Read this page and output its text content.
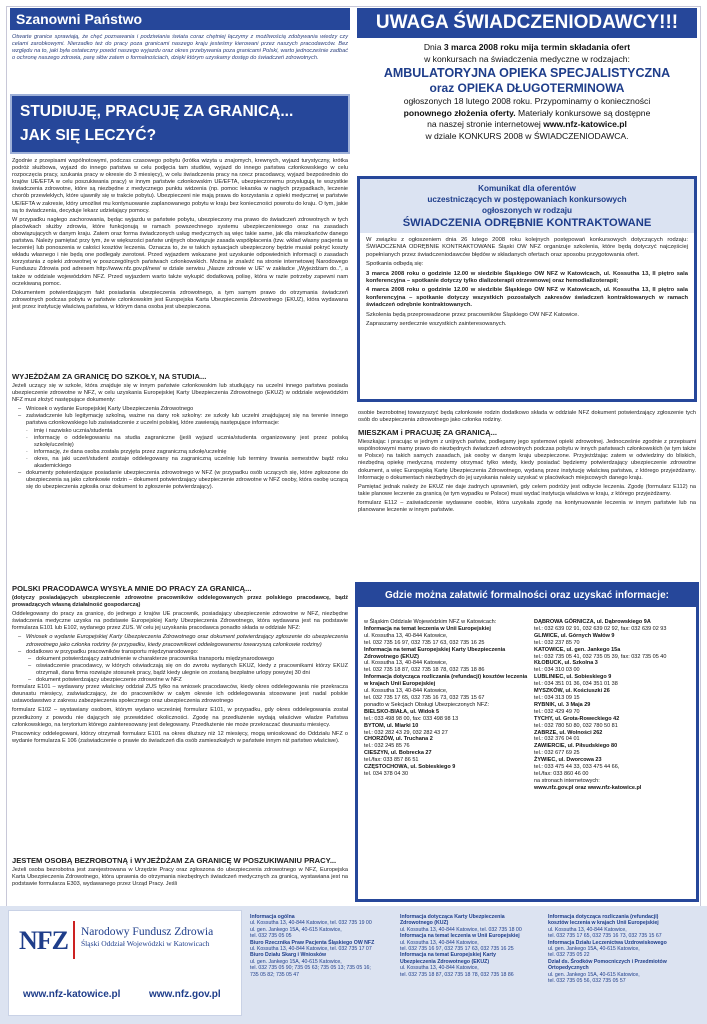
Szanowni Państwo
Otwarte granice sprawiają, że chęć poznawania i podziwiania świata coraz chętniej łączymy z możliwością zdobywania wiedzy czy celami zarobkowymi. Nierzadko też do pracy poza granicami naszego kraju jesteśmy kierowani przez naszych pracodawców. Bez względu na to, jaki była ostateczny powód naszego wyjazdu oraz okres przebywania poza granicami Polski, warto jednocześnie zadbać o ochronę naszego zdrowia, parę słów zatem o formalnościach, dzięki którym uzyskamy dostęp do świadczeń zdrowotnych.
STUDIUJĘ, PRACUJĘ ZA GRANICĄ...
JAK SIĘ LECZYĆ?

Zgodnie z przepisami wspólnotowymi, podczas czasowego pobytu (krótka wizyta u znajomych, krewnych, wyjazd turystyczny, krótka podróż służbowa, wyjazd do innego państwa w celu podjęcia tam studiów, wyjazd do innego państwa członkowskiego w celu rozpoczęcia pracy, szukania pracy w okresie do 3 miesięcy), w celu świadczenia pracy na rzecz pracodawcy, wyjazd bezpośrednio do krajów UE/EFTA w celu poszukiwania pracy) w innym państwie członkowskim UE/EFTA, ubezpieczonemu przysługują te wszystkie świadczenia zdrowotne, które są niezbędne z medycznego punktu widzenia (np. pomoc lekarska w nagłych przypadkach, leczenie chorób przewlekłych, które ujawniły się w trakcie pobytu). Ubezpieczeni nie mają prawa do korzystania z opieki medycznej w państwie UE/EFTA w zakresie, który umożliwi mu kontynuowanie zaplanowanego pobytu w kraju bez konieczności powrotu do kraju. O tym, jakie są to świadczenia, decyduje lekarz udzielający pomocy.

W przypadku nagłego zachorowania, będąc wyjazdu w państwie pobytu, ubezpieczony ma prawo do świadczeń zdrowotnych w tych placówkach służby zdrowia, które funkcjonują w ramach powszechnego systemu ubezpieczeniowego oraz na zasadach obowiązujących w danym kraju. Zatem oraz forma świadczonych usług medycznych są więc takie same, jak dla mieszkańców danego państwa. Należy pamiętać przy tym, że w większości państw unijnych obowiązuje zasada współpłacenia (tzw. wkład własny pacjenta w leczenie) lub ponoszenia w całości kosztów leczenia. Oznacza to, że w takich sytuacjach ubezpieczony będzie musiał pokryć koszty wkładu własnego i nie będą one podlegały zwrotowi. Przed wyjazdem wskazane jest uzyskanie odpowiednich informacji o zasadach korzystania z opieki zdrowotnej w poszczególnych państwach członkowskich. Można je znaleźć na stronie internetowej Narodowego Funduszu Zdrowia pod adresem http://www.nfz.gov.pl/new/ w dziale serwisu „Nasze zdrowie w UE” w zakładce „Wyjeżdżam do..”, a także w oddziale wojewódzkim NFZ. Przed wyjazdem warto także wykupić dodatkową polisę, która w razie potrzeby zapewni nam oczekiwaną pomoc.

Dokumentem potwierdzającym fakt posiadania ubezpieczenia zdrowotnego, a tym samym prawo do otrzymania świadczeń zdrowotnych podczas pobytu w państwie członkowskim jest Europejska Karta Ubezpieczenia Zdrowotnego (EKUZ), która wydawana jest przez instytucję właściwą państwa, w którym dana osoba jest ubezpieczona.

WYJEŻDŻAM ZA GRANICĘ DO SZKOŁY, NA STUDIA...

Jeżeli uczący się w szkole, która znajduje się w innym państwie członkowskim lub studiujący na uczelni innego państwa posiada ubezpieczenie zdrowotne w NFZ, w celu uzyskania Europejskiej Karty Ubezpieczenia Zdrowotnego (EKUZ) w oddziale wojewódzkim NFZ musi złożyć następujące dokumenty:

– Wniosek o wydanie Europejskiej Karty Ubezpieczenia Zdrowotnego
– zaświadczenie lub legitymację szkolną, ważne na dany rok szkolny: ze szkoły lub uczelni znajdującej się na terenie innego państwa członkowskiego lub zaświadczenie z uczelni polskiej, które zawierają następujące informacje:
· imię i nazwisko ucznia/studenta
· informację o oddelegowaniu na studia zagraniczne (jeśli wyjazd ucznia/studenta organizowany jest przez polską szkołę/uczelnię)
· informację, że dana osoba została przyjęta przez zagraniczną szkołę/uczelnię
· okres, na jaki uczeń/student zostaje oddelegowany na zagraniczną uczelnię lub terminy trwania semestrów bądź roku akademickiego
– dokumenty potwierdzające posiadanie ubezpieczenia zdrowotnego w NFZ (w przypadku osób uczących się, które zgłoszone do ubezpieczenia są jako członkowie rodzin – dokument potwierdzający ubezpieczenie zdrowotne w NFZ osoby, która osobę uczącą się do ubezpieczenia zgłosiła oraz dokument to zgłoszenie potwierdzający).
POLSKI PRACODAWCA WYSYŁA MNIE DO PRACY ZA GRANICĄ...

(dotyczy posiadających ubezpieczenie zdrowotne pracowników oddelegowanych przez polskiego pracodawcę, bądź prowadzących własną działalność gospodarczą)

Oddelegowany do pracy za granicę, do jednego z krajów UE pracownik, posiadający ubezpieczenie zdrowotne w NFZ, niezbędne świadczenia medyczne uzyska na podstawie Europejskiej Karty Ubezpieczenia Zdrowotnego, która wydawana jest na podstawie formularza E101 lub E102, wydanego przez ZUS. W celu jej uzyskania pracodawca ponadto składa w oddziale NFZ:

– Wniosek o wydanie Europejskiej Karty Ubezpieczenia Zdrowotnego oraz dokument potwierdzający zgłoszenie do ubezpieczenia zdrowotnego jako członka rodziny (w przypadku, kiedy pracownikowi oddelegowanemu towarzyszą członkowie rodziny)
– dodatkowo w przypadku pracowników transportu międzynarodowego:
– dokument potwierdzający zatrudnienie w charakterze pracownika transportu międzynarodowego
– oświadczenie pracodawcy, w których oświadczają się on do zwrotu wydanych EKUZ, kiedy z pracownikami którzy EKUZ otrzymali, dana firma rozwiąże stosunek pracy, bądź kiedy ulegnie on zostaną bezpłatne urlopy powyżej 30 dni
– dokument potwierdzający ubezpieczenie zdrowotne w NFZ

formularz E101 – wydawany przez właściwy oddział ZUS tylko na wniosek pracodawców, kiedy okres oddelegowania nie przekracza dwunastu miesięcy, zaświadczający, że do pracowników w całym okresie ich oddelegowania stosowane jest nadal polskie ustawodawstwo z zakresu zabezpieczenia społecznego oraz ubezpieczenia zdrowotnego

formularz E102 – wystawiany osobom, którym wydano wcześniej formularz E101, w przypadku, gdy okres oddelegowania został przedłużony z powodu nie dających się przewidzieć okoliczności. Zgodę na przedłużenie wydają właściwe władze Państwa członkowskiego, na terytorium którego zainteresowany jest delegowany. Przedłużenie nie może przekraczać dwunastu miesięcy.

Pracownicy oddelegowani, którzy otrzymali formularz E101 na okres dłuższy niż 12 miesięcy, mogą wnioskować do Oddziału NFZ o wydanie formularza E 106 (zaświadczenie o prawie do świadczeń dla osób zamieszkałych w państwie innym niż państwo właściwe).

JESTEM OSOBĄ BEZROBOTNĄ i WYJEŻDŻAM ZA GRANICĘ W POSZUKIWANIU PRACY...

Jeżeli osoba bezrobotna jest zarejestrowana w Urzędzie Pracy oraz zgłoszona do ubezpieczenia zdrowotnego w NFZ, Europejska Karta Ubezpieczenia Zdrowotnego, która uprawnia do otrzymania niezbędnych świadczeń medycznych za granicą, wystawiana jest na podstawie formularza E303, wydawanego przez Urząd Pracy. Jeśli

UWAGA ŚWIADCZENIODAWCY!!!
Dnia 3 marca 2008 roku mija termin składania ofert
w konkursach na świadczenia medyczne w rodzajach:
AMBULATORYJNA OPIEKA SPECJALISTYCZNA
oraz OPIEKA DŁUGOTERMINOWA
ogłoszonych 18 lutego 2008 roku. Przypominamy o konieczności
ponownego złożenia oferty. Materiały konkursowe są dostępne
na naszej stronie internetowej www.nfz-katowice.pl
w dziale KONKURS 2008 w ŚWIADCZENIODAWCA.
Komunikat dla oferentów
uczestniczących w postępowaniach konkursowych
ogłoszonych w rodzaju
ŚWIADCZENIA ODRĘBNIE KONTRAKTOWANE

W związku z ogłoszeniem dnia 26 lutego 2008 roku kolejnych postępowań konkursowych dotyczących rodzaju: ŚWIADCZENIA ODRĘBNIE KONTRAKTOWANE Śląski OW NFZ organizuje szkolenia, które będą dotyczyć najczęściej popełnianych przez świadczeniodawców błędów w składanych ofertach oraz sposobu przygotowania ofert.

Spotkania odbędą się:

3 marca 2008 roku o godzinie 12.00 w siedzibie Śląskiego OW NFZ w Katowicach, ul. Kossutha 13, II piętro sala konferencyjna – spotkanie dotyczy tylko dializoterapii otrzewnowej oraz hemodializoterapii;

4 marca 2008 roku o godzinie 12.00 w siedzibie Śląskiego OW NFZ w Katowicach, ul. Kossutha 13, II piętro sala konferencyjna – spotkanie dotyczy wszystkich pozostałych zakresów świadczeń kontraktowanych w ramach świadczeń odrębnie kontraktowanych.

Szkolenia będą przeprowadzone przez pracowników Śląskiego OW NFZ Katowice.

Zapraszamy serdecznie wszystkich zainteresowanych.

osobie bezrobotnej towarzyszyć będą członkowie rodzin dodatkowo składa w oddziale NFZ dokument potwierdzający zgłoszenie tych osób do ubezpieczenia zdrowotnego jako członka rodziny.

MIESZKAM i PRACUJĘ ZA GRANICĄ...

Mieszkając i pracując w jednym z unijnych państw, podlegamy jego systemowi opieki zdrowotnej. Jednocześnie zgodnie z przepisami wspólnotowymi mamy prawo do niezbędnych świadczeń zdrowotnych podczas pobytu w innych państwach członkowskich (w tym także w Polsce) na takich samych zasadach, jak osoby w danym kraju ubezpieczone. Przyjeżdżając zatem w odwiedziny do bliskich, niezbędną opiekę medyczną możemy otrzymać tylko wtedy, kiedy posiadać będziemy potwierdzający ubezpieczenie zdrowotne dokument, a więc Europejską Kartę Ubezpieczenia Zdrowotnego, wydaną przez instytucję właściwą państwa, z którego przyjeżdżamy. Informację o dokumentach niezbędnych do jej uzyskania należy uzyskać w placówkach miejscowych danego kraju.

Pamiętać jednak należy że EKUZ nie daje żadnych uprawnień, gdy celem podróży jest odbycie leczenia. Zgodę (formularz E112) na takie planowe leczenie za granicą (w tym wypadku w Polsce) musi wydać instytucja właściwa w kraju, z którego przyjeżdżamy.

formularz E112 – zaświadczenie wydawane osobie, która uzyskała zgodę na kontynuowanie leczenia w innym państwie lub na planowane leczenie w innym państwie.

Gdzie można załatwić formalności oraz uzyskać informacje:
w Śląskim Oddziale Wojewódzkim NFZ w Katowicach:
Informacja na temat leczenia w Unii Europejskiej
ul. Kossutha 13, 40-844 Katowice,
tel. 032 735 16 97, 032 735 17 63, 032 735 16 25
Informacja na temat Europejskiej Karty Ubezpieczenia Zdrowotnego (EKUZ)
ul. Kossutha 13, 40-844 Katowice,
tel. 032 735 18 87, 032 735 18 78, 032 735 18 86
Informacja dotycząca rozliczania (refundacji) kosztów leczenia w krajach Unii Europejskiej
ul. Kossutha 13, 40-844 Katowice,
tel. 032 735 17 65, 032 735 16 73, 032 735 15 67
ponadto w Sekcjach Obsługi Ubezpieczonych NFZ:
BIELSKO-BIAŁA, ul. Widok 5
tel.: 033 498 98 00, fax: 033 498 98 13
BYTOM, ul. Miarki 10
tel.: 032 282 43 29, 032 282 43 27
CHORZÓW, ul. Truchana 2
tel.: 032 245 85 76
CIESZYN, ul. Bobrecka 27
tel./fax: 033 857 86 51
CZĘSTOCHOWA, ul. Sobieskiego 9
tel. 034 378 04 30
DĄBROWA GÓRNICZA, ul. Dąbrowskiego 9A
tel.: 032 639 02 91, 032 639 02 92, fax: 032 639 02 93
GLIWICE, ul. Górnych Wałów 9
tel.: 032 237 85 70
KATOWICE, ul. gen. Jankego 15a
tel.: 032 735 05 41, 032 735 05 39, fax: 032 735 05 40
KŁOBUCK, ul. Szkolna 3
tel.: 034 310 03 00
LUBLINIEC, ul. Sobieskiego 9
tel.: 034 351 01 36, 034 351 01 38
MYSZKÓW, ul. Kościuszki 26
tel.: 034 313 09 15
RYBNIK, ul. 3 Maja 29
tel.: 032 429 49 70
TYCHY, ul. Grota-Roweckiego 42
tel.: 032 780 50 80, 032 780 50 81
ZABRZE, ul. Wolności 262
tel.: 032 376 04 01
ZAWIERCIE, ul. Piłsudskiego 80
tel.: 032 677 69 25
ŻYWIEC, ul. Dworcowa 23
tel.: 033 475 44 33, 033 475 44 66,
tel./fax: 033 860 46 00
na stronach internetowych:
www.nfz.gov.pl oraz www.nfz-katowice.pl
NFZ Narodowy Fundusz Zdrowia
Śląski Oddział Wojewódzki w Katowicach
www.nfz-katowice.pl	www.nfz.gov.pl
Informacja ogólna
ul. Kossutha 13, 40-844 Katowice, tel. 032 735 19 00
ul. gen. Jankego 15A, 40-615 Katowice,
tel. 032 735 05 05
Biuro Rzecznika Praw Pacjenta Śląskiego OW NFZ
ul. Kossutha 13, 40-844 Katowice, tel. 032 735 17 07
Biuro Działu Skarg i Wniosków
ul. gen. Jankego 15A, 40-615 Katowice,
tel. 032 735 05 90; 735 05 63; 735 05 13; 735 05 16;
735 05 82; 735 05 47
Informacja dotycząca Karty Ubezpieczenia
Zdrowotnego (KUZ)
ul. Kossutha 13, 40-844 Katowice, tel. 032 735 18 00
Informacja na temat leczenia w Unii Europejskiej
ul. Kossutha 13, 40-844 Katowice,
tel. 032 735 16 97, 032 735 17 63, 032 735 16 25
Informacja na temat Europejskiej Karty
Ubezpieczenia Zdrowotnego (EKUZ)
ul. Kossutha 13, 40-844 Katowice,
tel. 032 735 18 87, 032 735 18 78, 032 735 18 86
Informacja dotycząca rozliczania (refundacji)
kosztów leczenia w krajach Unii Europejskiej
ul. Kossutha 13, 40-844 Katowice,
tel. 032 735 17 65, 032 735 16 73, 032 735 15 67
Informacja Działu Leczenictwa Uzdrowiskowego
ul. gen. Jankego 15A, 40-615 Katowice,
tel. 032 735 05 22
Dział ds. Środków Pomocniczych i Przedmiotów
Ortopedycznych
ul. gen. Jankego 15A, 40-615 Katowice,
tel. 032 735 05 56, 032 735 05 57
